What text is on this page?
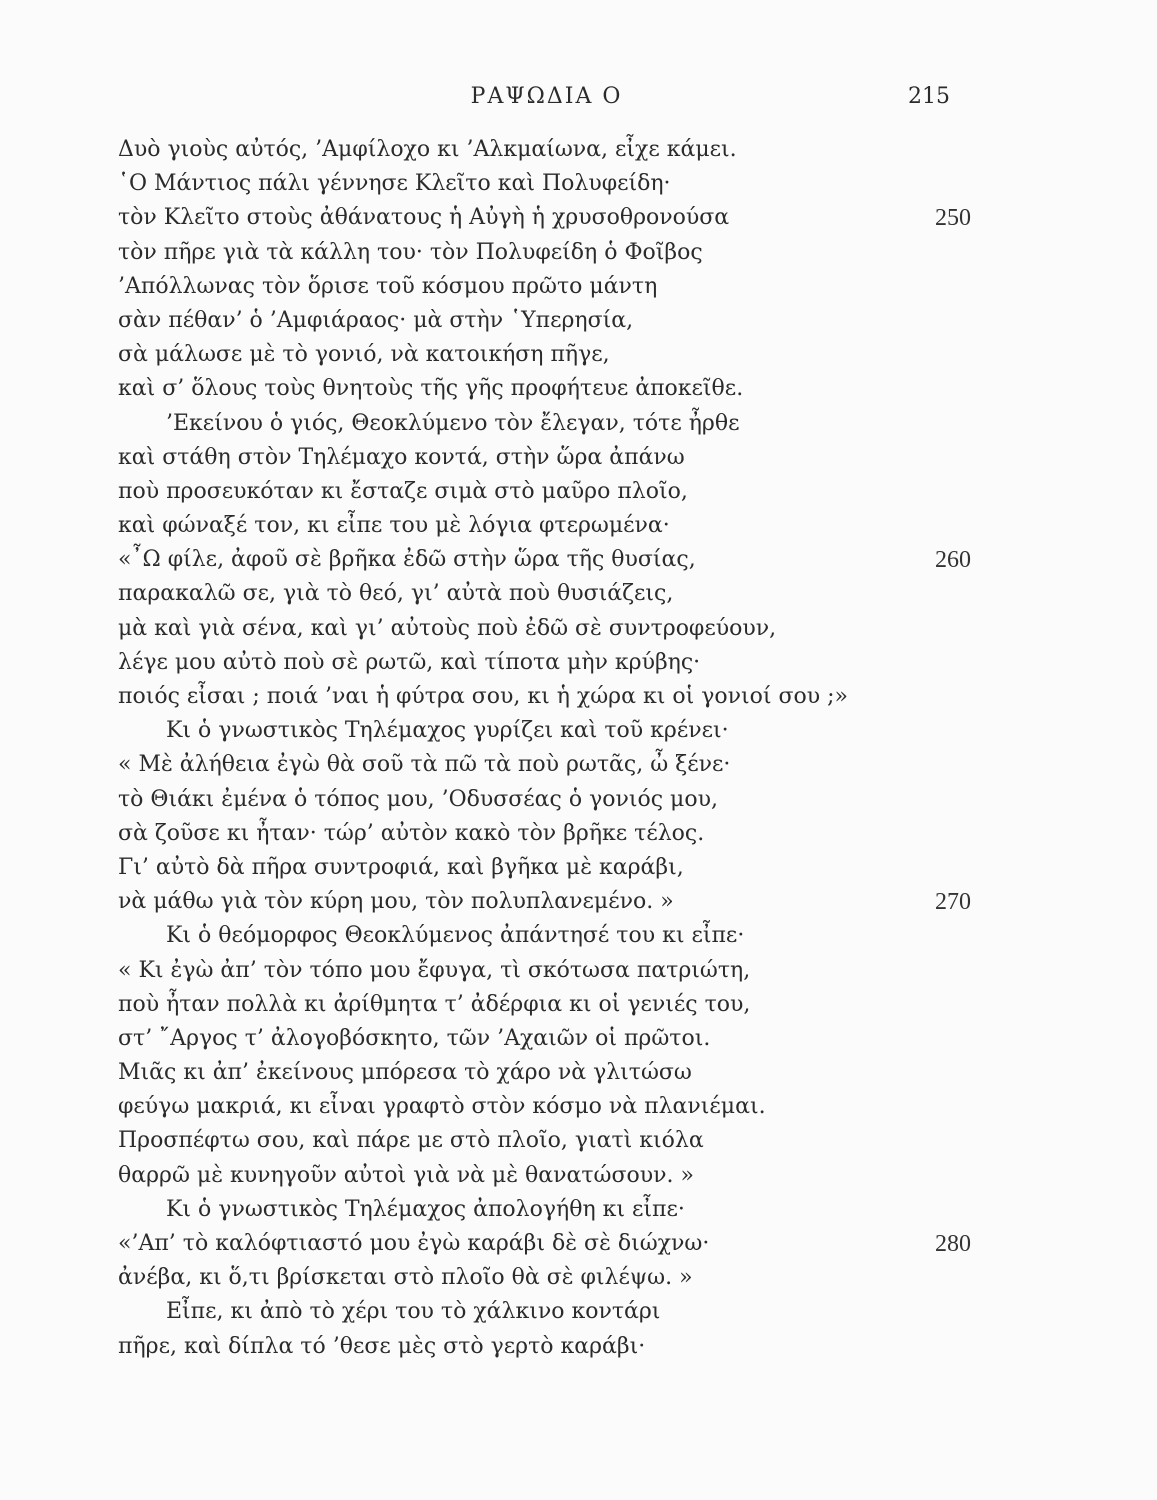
ΡΑΨΩΔΙΑ Ο	215
Δυὸ γιοὺς αὐτός, ’Αμφίλοχο κι ’Αλκμαίωνα, εἶχε κάμει.
῾Ο Μάντιος πάλι γέννησε Κλεῖτο καὶ Πολυφείδη·
τὸν Κλεῖτο στοὺς ἀθάνατους ἡ Αὐγὴ ἡ χρυσοθρονούσα	250
τὸν πῆρε γιὰ τὰ κάλλη του· τὸν Πολυφείδη ὁ Φοῖβος
’Απόλλωνας τὸν ὅρισε τοῦ κόσμου πρῶτο μάντη
σὰν πέθαν’ ὁ ’Αμφιάραος· μὰ στὴν ῾Υπερησία,
σὰ μάλωσε μὲ τὸ γονιό, νὰ κατοικήση πῆγε,
καὶ σ’ ὅλους τοὺς θνητοὺς τῆς γῆς προφήτευε ἀποκεῖθε.
’Εκείνου ὁ γιός, Θεοκλύμενο τὸν ἔλεγαν, τότε ἦρθε
καὶ στάθη στὸν Τηλέμαχο κοντά, στὴν ὥρα ἀπάνω
ποὺ προσευκόταν κι ἔσταζε σιμὰ στὸ μαῦρο πλοῖο,
καὶ φώναξέ τον, κι εἶπε του μὲ λόγια φτερωμένα·
«῏Ω φίλε, ἀφοῦ σὲ βρῆκα ἐδῶ στὴν ὥρα τῆς θυσίας,	260
παρακαλῶ σε, γιὰ τὸ θεό, γι’ αὐτὰ ποὺ θυσιάζεις,
μὰ καὶ γιὰ σένα, καὶ γι’ αὐτοὺς ποὺ ἐδῶ σὲ συντροφεύουν,
λέγε μου αὐτὸ ποὺ σὲ ρωτῶ, καὶ τίποτα μὴν κρύβης·
ποιός εἶσαι ; ποιά ’ναι ἡ φύτρα σου, κι ἡ χώρα κι οἱ γονιοί σου ;»
Κι ὁ γνωστικὸς Τηλέμαχος γυρίζει καὶ τοῦ κρένει·
« Μὲ ἀλήθεια ἐγὼ θὰ σοῦ τὰ πῶ τὰ ποὺ ρωτᾶς, ὦ ξένε·
τὸ Θιάκι ἐμένα ὁ τόπος μου, ’Οδυσσέας ὁ γονιός μου,
σὰ ζοῦσε κι ἦταν· τώρ’ αὐτὸν κακὸ τὸν βρῆκε τέλος.
Γι’ αὐτὸ δὰ πῆρα συντροφιά, καὶ βγῆκα μὲ καράβι,
νὰ μάθω γιὰ τὸν κύρη μου, τὸν πολυπλανεμένο. »	270
Κι ὁ θεόμορφος Θεοκλύμενος ἀπάντησέ του κι εἶπε·
« Κι ἐγὼ ἀπ’ τὸν τόπο μου ἔφυγα, τὶ σκότωσα πατριώτη,
ποὺ ἦταν πολλὰ κι ἀρίθμητα τ’ ἀδέρφια κι οἱ γενιές του,
στ’ ῎Αργος τ’ ἀλογοβόσκητο, τῶν ’Αχαιῶν οἱ πρῶτοι.
Μιᾶς κι ἀπ’ ἐκείνους μπόρεσα τὸ χάρο νὰ γλιτώσω
φεύγω μακριά, κι εἶναι γραφτὸ στὸν κόσμο νὰ πλανιέμαι.
Προσπέφτω σου, καὶ πάρε με στὸ πλοῖο, γιατὶ κιόλα
θαρρῶ μὲ κυνηγοῦν αὐτοὶ γιὰ νὰ μὲ θανατώσουν. »
Κι ὁ γνωστικὸς Τηλέμαχος ἀπολογήθη κι εἶπε·
«’Απ’ τὸ καλόφτιαστό μου ἐγὼ καράβι δὲ σὲ διώχνω·	280
ἀνέβα, κι ὅ,τι βρίσκεται στὸ πλοῖο θὰ σὲ φιλέψω. »
Εἶπε, κι ἀπὸ τὸ χέρι του τὸ χάλκινο κοντάρι
πῆρε, καὶ δίπλα τό ’θεσε μὲς στὸ γερτὸ καράβι·
